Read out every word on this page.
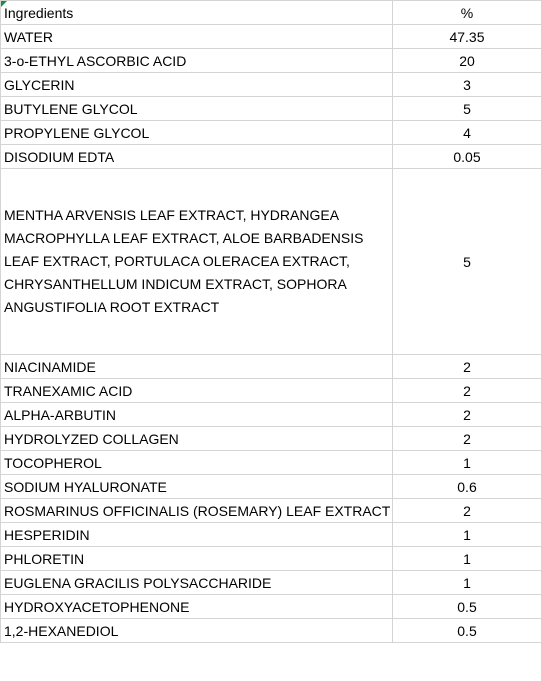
Ingredients	%
WATER	47.35
3-o-ETHYL ASCORBIC ACID	20
GLYCERIN	3
BUTYLENE GLYCOL	5
PROPYLENE GLYCOL	4
DISODIUM EDTA	0.05
MENTHA ARVENSIS LEAF EXTRACT, HYDRANGEA MACROPHYLLA LEAF EXTRACT, ALOE BARBADENSIS LEAF EXTRACT, PORTULACA OLERACEA EXTRACT, CHRYSANTHELLUM INDICUM EXTRACT, SOPHORA ANGUSTIFOLIA ROOT EXTRACT	5
NIACINAMIDE	2
TRANEXAMIC ACID	2
ALPHA-ARBUTIN	2
HYDROLYZED COLLAGEN	2
TOCOPHEROL	1
SODIUM HYALURONATE	0.6
ROSMARINUS OFFICINALIS (ROSEMARY) LEAF EXTRACT	2
HESPERIDIN	1
PHLORETIN	1
EUGLENA GRACILIS POLYSACCHARIDE	1
HYDROXYACETOPHENONE	0.5
1,2-HEXANEDIOL	0.5
